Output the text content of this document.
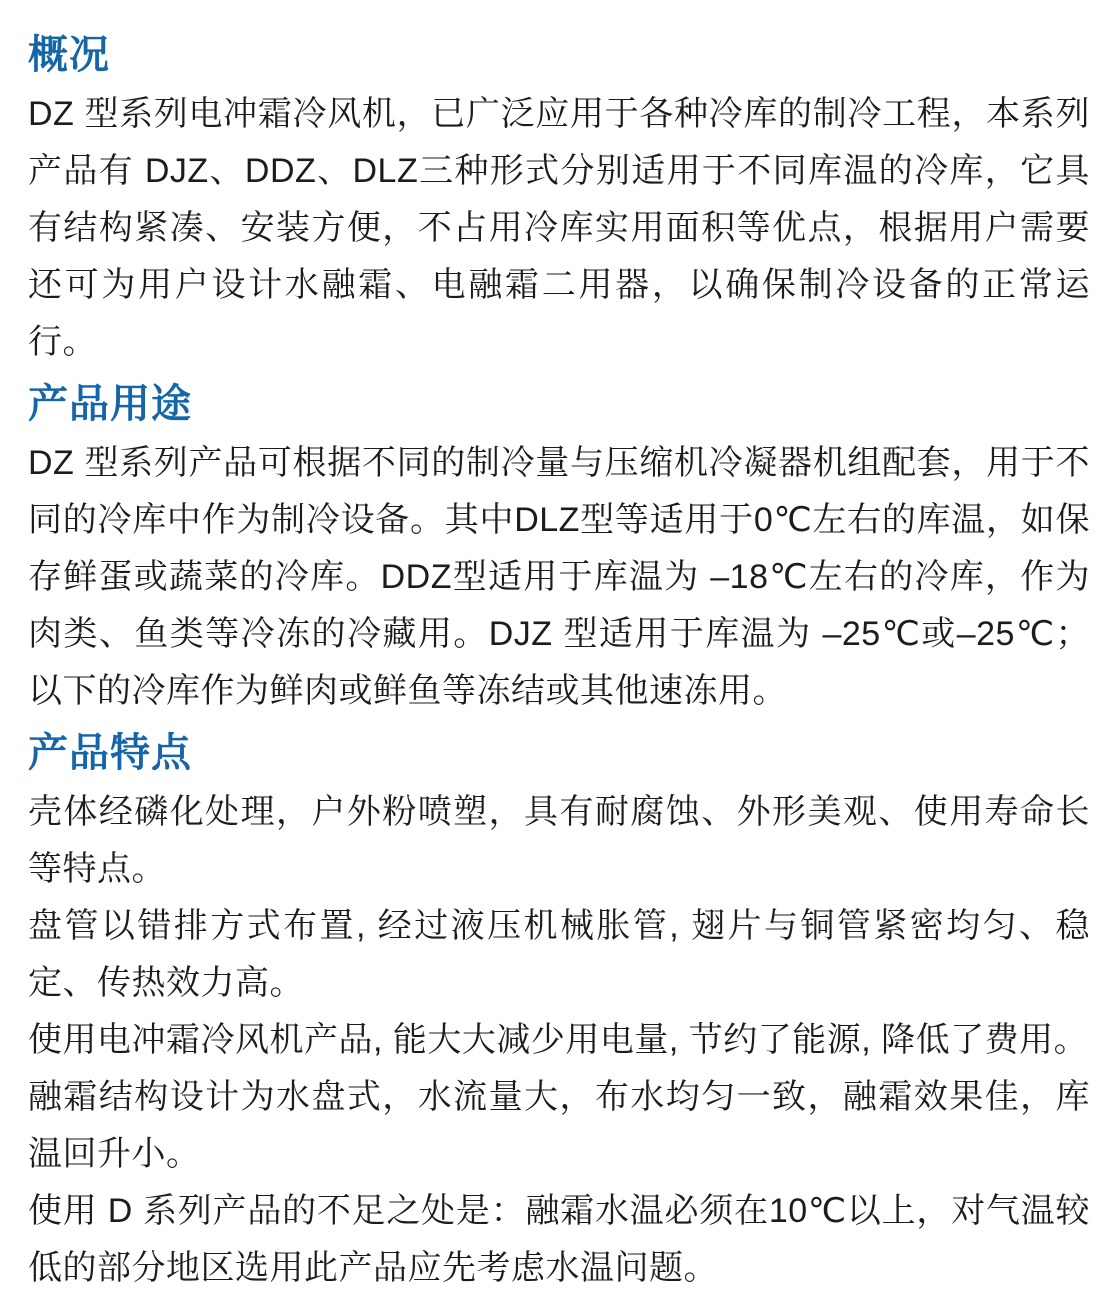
概况

DZ 型系列电冲霜冷风机，已广泛应用于各种冷库的制冷工程，本系列产品有 DJZ、DDZ、DLZ三种形式分别适用于不同库温的冷库，它具有结构紧凑、安装方便，不占用冷库实用面积等优点，根据用户需要还可为用户设计水融霜、电融霜二用器，以确保制冷设备的正常运行。

产品用途

DZ 型系列产品可根据不同的制冷量与压缩机冷凝器机组配套，用于不同的冷库中作为制冷设备。其中DLZ型等适用于0℃左右的库温，如保存鲜蛋或蔬菜的冷库。DDZ型适用于库温为 –18℃左右的冷库，作为肉类、鱼类等冷冻的冷藏用。DJZ 型适用于库温为 –25℃或–25℃；以下的冷库作为鲜肉或鲜鱼等冻结或其他速冻用。

产品特点

壳体经磷化处理，户外粉喷塑，具有耐腐蚀、外形美观、使用寿命长等特点。

盘管以错排方式布置, 经过液压机械胀管, 翅片与铜管紧密均匀、稳定、传热效力高。

使用电冲霜冷风机产品, 能大大减少用电量, 节约了能源, 降低了费用。

融霜结构设计为水盘式，水流量大，布水均匀一致，融霜效果佳，库温回升小。

使用 D 系列产品的不足之处是：融霜水温必须在10℃以上，对气温较低的部分地区选用此产品应先考虑水温问题。
